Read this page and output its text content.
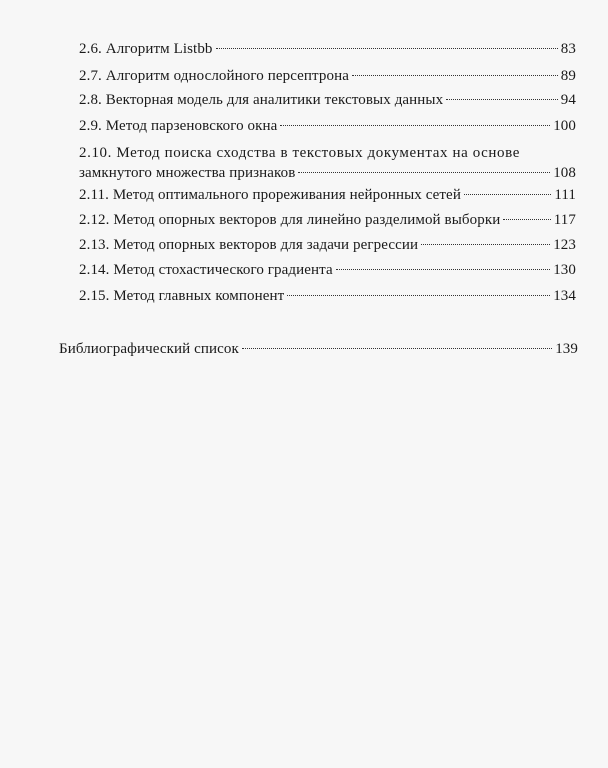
2.6. Алгоритм Listbb	83
2.7. Алгоритм однослойного персептрона	89
2.8. Векторная модель для аналитики текстовых данных	94
2.9. Метод парзеновского окна	100
2.10. Метод поиска сходства в текстовых документах на основе
замкнутого множества признаков	108
2.11. Метод оптимального прореживания нейронных сетей	111
2.12. Метод опорных векторов для линейно разделимой выборки	117
2.13. Метод опорных векторов для задачи регрессии	123
2.14. Метод стохастического градиента	130
2.15. Метод главных компонент	134
Библиографический список	139
